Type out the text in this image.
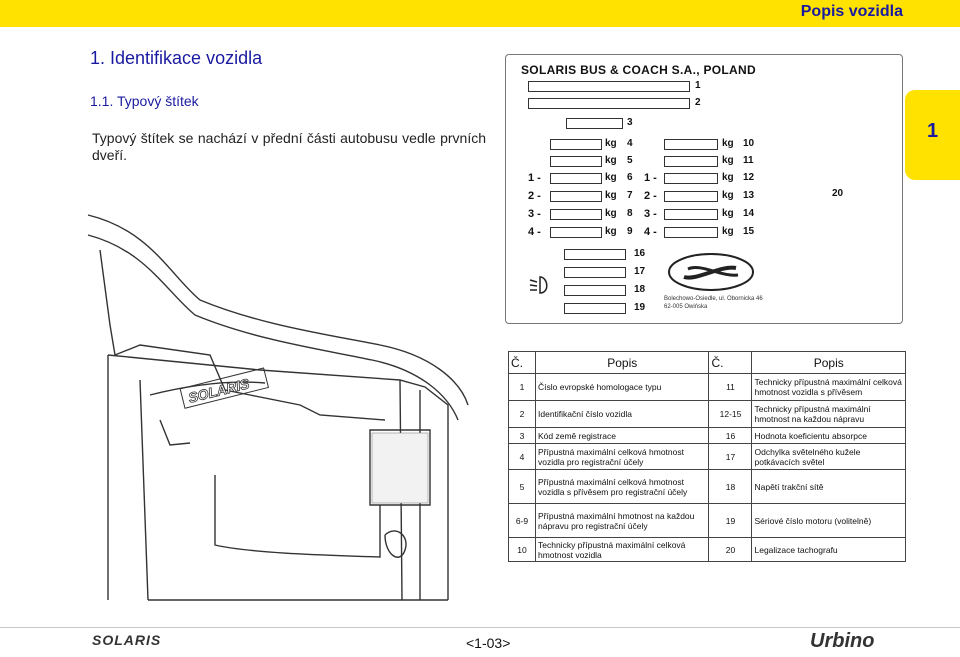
Popis vozidla
1. Identifikace vozidla
1.1. Typový štítek
Typový štítek se nachází v přední části autobusu vedle prvních dveří.
1
SOLARIS
SOLARIS BUS & COACH S.A., POLAND
1
2
3
kg 4
kg 5
1 -	kg 6
2 -	kg 7
3 -	kg 8
4 -	kg 9
kg 10
kg 11
1 -	kg 12
2 -	kg 13
3 -	kg 14
4 -	kg 15
16
17
18
19
Bolechowo-Osiedle, ul. Obornicka 46
62-005 Owińska
20
Č.	Popis	Č.	Popis
1	Číslo evropské homologace typu	11	Technicky přípustná maximální celková hmotnost vozidla s přívěsem
2	Identifikační číslo vozidla	12-15	Technicky přípustná maximální hmotnost na každou nápravu
3	Kód země registrace	16	Hodnota koeficientu absorpce
4	Přípustná maximální celková hmotnost vozidla pro registrační účely	17	Odchylka světelného kužele potkávacích světel
5	Přípustná maximální celková hmotnost vozidla s přívěsem pro registrační účely	18	Napětí trakční sítě
6-9	Přípustná maximální hmotnost na každou nápravu pro registrační účely	19	Sériové číslo motoru (volitelně)
10	Technicky přípustná maximální celková hmotnost vozidla	20	Legalizace tachografu
SOLARIS	<1-03>	Urbino
